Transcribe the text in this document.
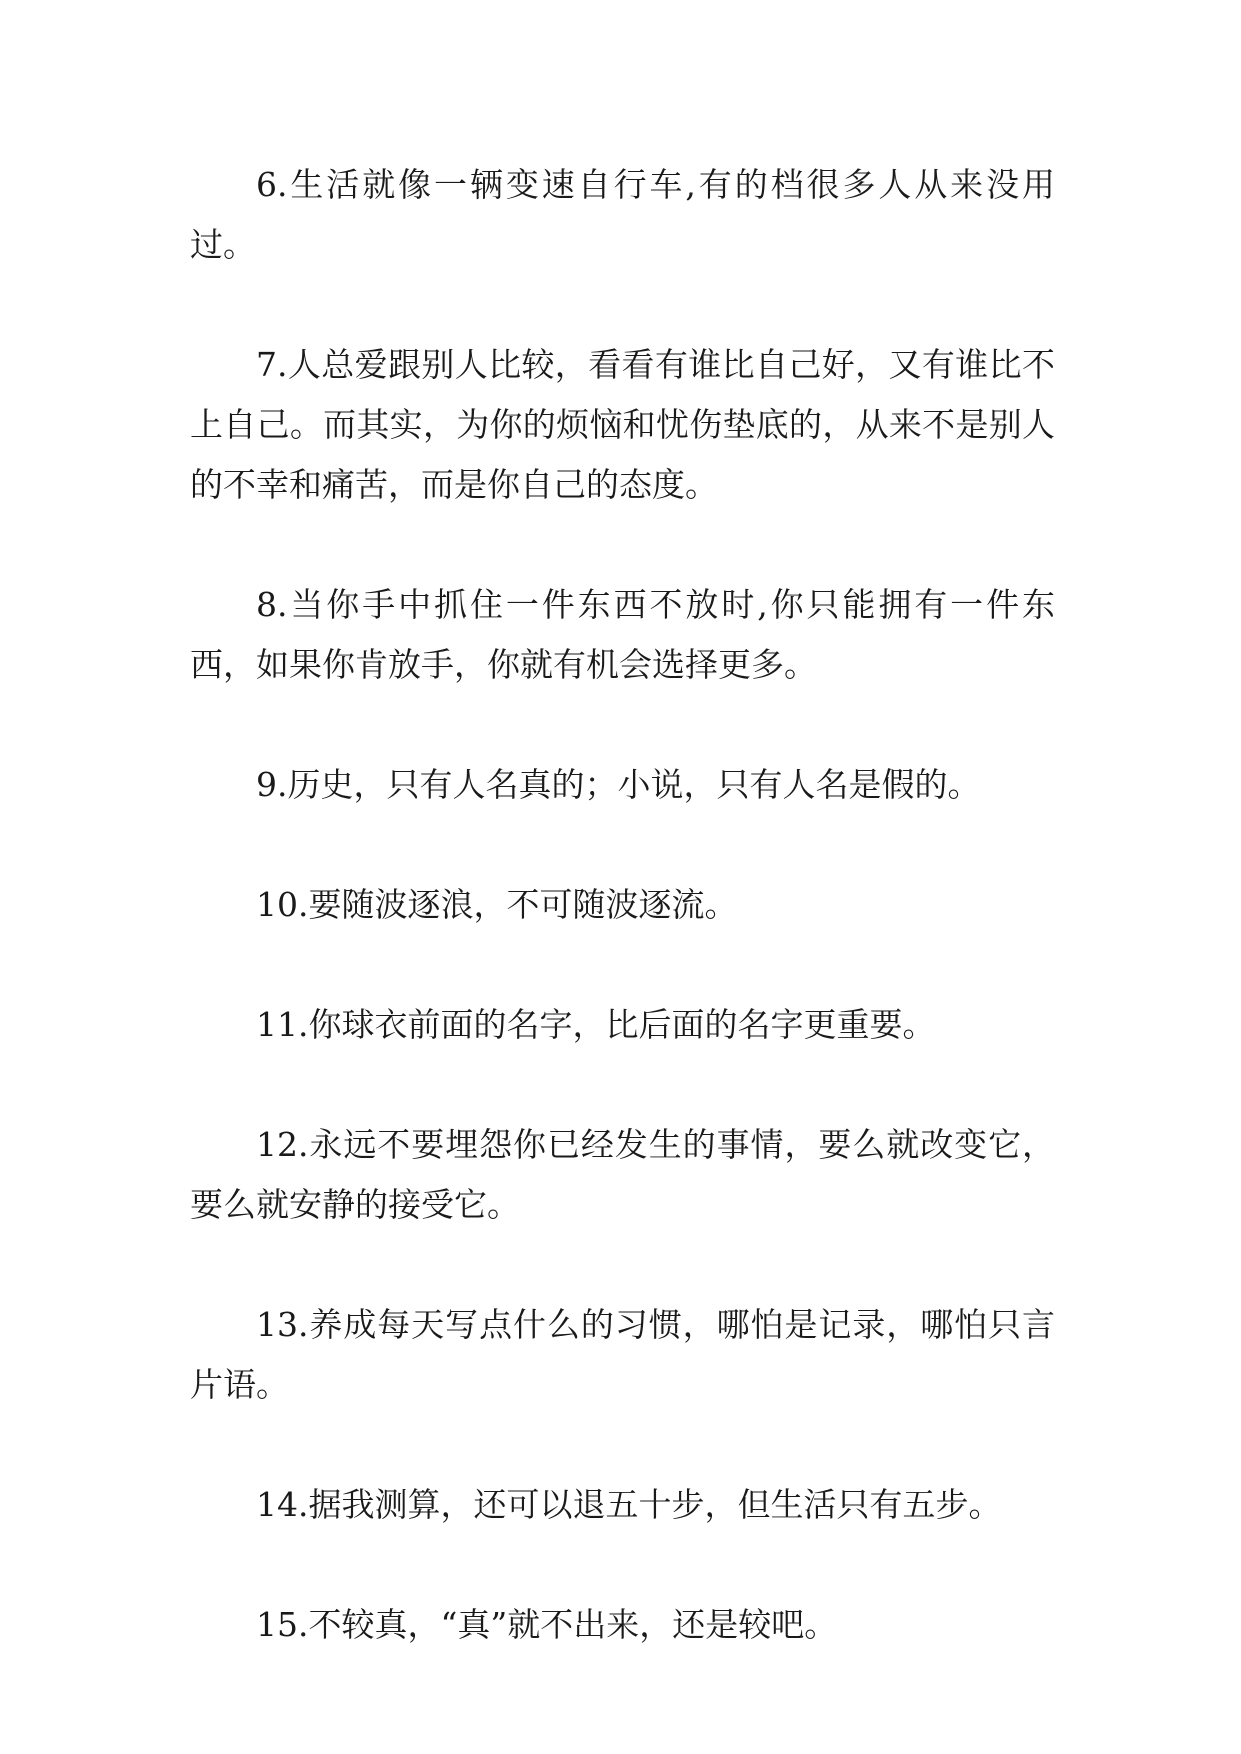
6.生活就像一辆变速自行车,有的档很多人从来没用过。

7.人总爱跟别人比较，看看有谁比自己好，又有谁比不上自己。而其实，为你的烦恼和忧伤垫底的，从来不是别人的不幸和痛苦，而是你自己的态度。

8.当你手中抓住一件东西不放时,你只能拥有一件东西，如果你肯放手，你就有机会选择更多。

9.历史，只有人名真的；小说，只有人名是假的。

10.要随波逐浪，不可随波逐流。

11.你球衣前面的名字，比后面的名字更重要。

12.永远不要埋怨你已经发生的事情，要么就改变它，要么就安静的接受它。

13.养成每天写点什么的习惯，哪怕是记录，哪怕只言片语。

14.据我测算，还可以退五十步，但生活只有五步。

15.不较真，“真”就不出来，还是较吧。
